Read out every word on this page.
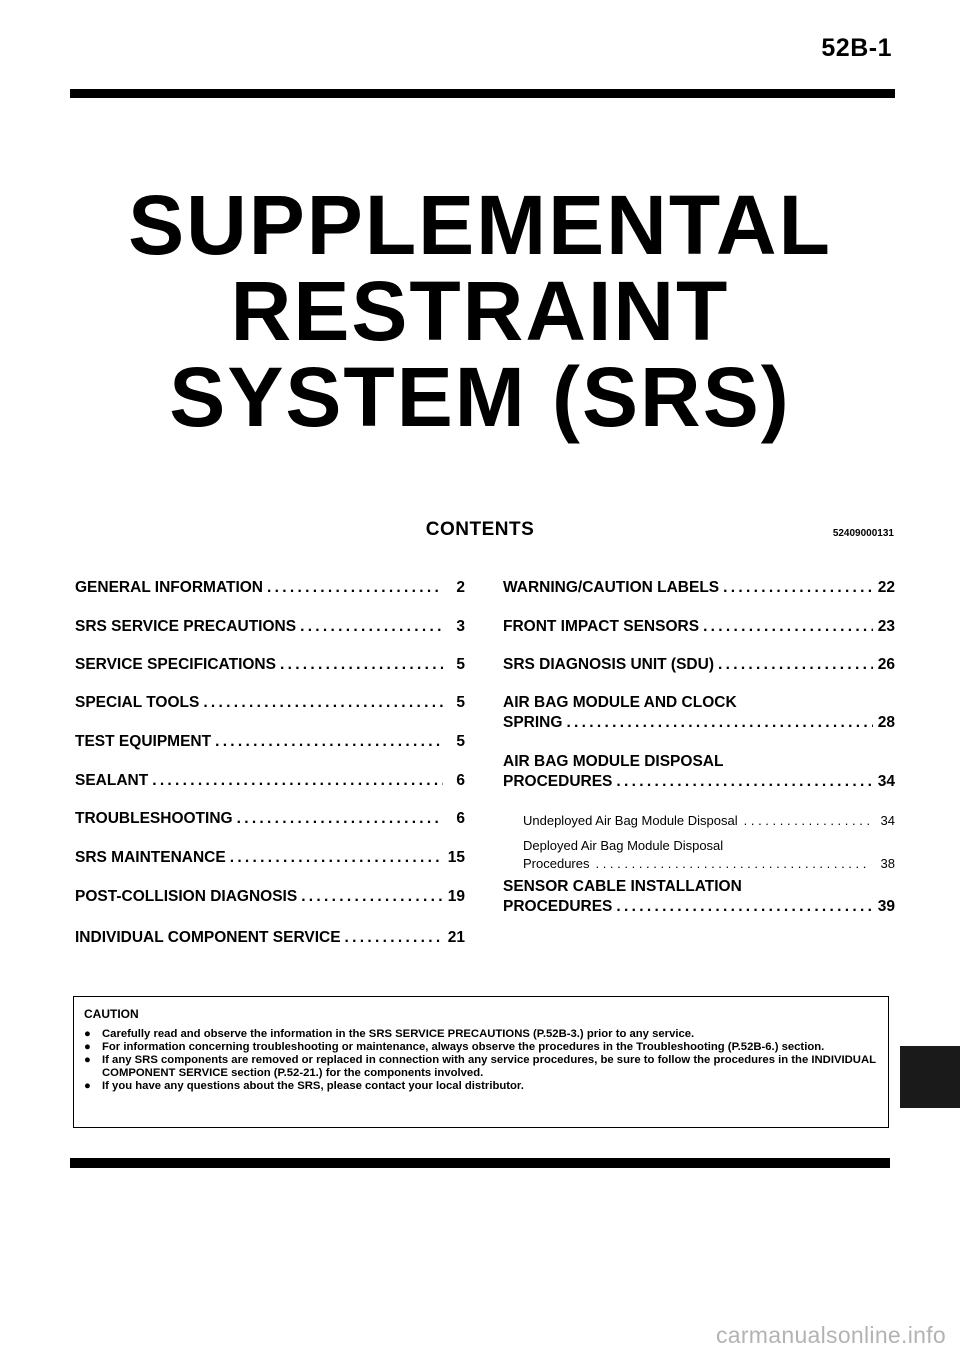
52B-1
SUPPLEMENTAL
RESTRAINT
SYSTEM (SRS)
CONTENTS	52409000131
GENERAL INFORMATION . . .	2
SRS SERVICE PRECAUTIONS . . .	3
SERVICE SPECIFICATIONS . . .	5
SPECIAL TOOLS . . .	5
TEST EQUIPMENT . . .	5
SEALANT . . .	6
TROUBLESHOOTING . . .	6
SRS MAINTENANCE . . .	15
POST-COLLISION DIAGNOSIS . . .	19
INDIVIDUAL COMPONENT SERVICE . . .	21
WARNING/CAUTION LABELS . . .	22
FRONT IMPACT SENSORS . . .	23
SRS DIAGNOSIS UNIT (SDU) . . .	26
AIR BAG MODULE AND CLOCK
SPRING . . .	28
AIR BAG MODULE DISPOSAL
PROCEDURES . . .	34
Undeployed Air Bag Module Disposal . . .	34
Deployed Air Bag Module Disposal
Procedures . . .	38
SENSOR CABLE INSTALLATION
PROCEDURES . . .	39
CAUTION
● Carefully read and observe the information in the SRS SERVICE PRECAUTIONS (P.52B-3.) prior to any service.
● For information concerning troubleshooting or maintenance, always observe the procedures in the Troubleshooting (P.52B-6.) section.
● If any SRS components are removed or replaced in connection with any service procedures, be sure to follow the procedures in the INDIVIDUAL COMPONENT SERVICE section (P.52-21.) for the components involved.
● If you have any questions about the SRS, please contact your local distributor.
carmanualsonline.info
